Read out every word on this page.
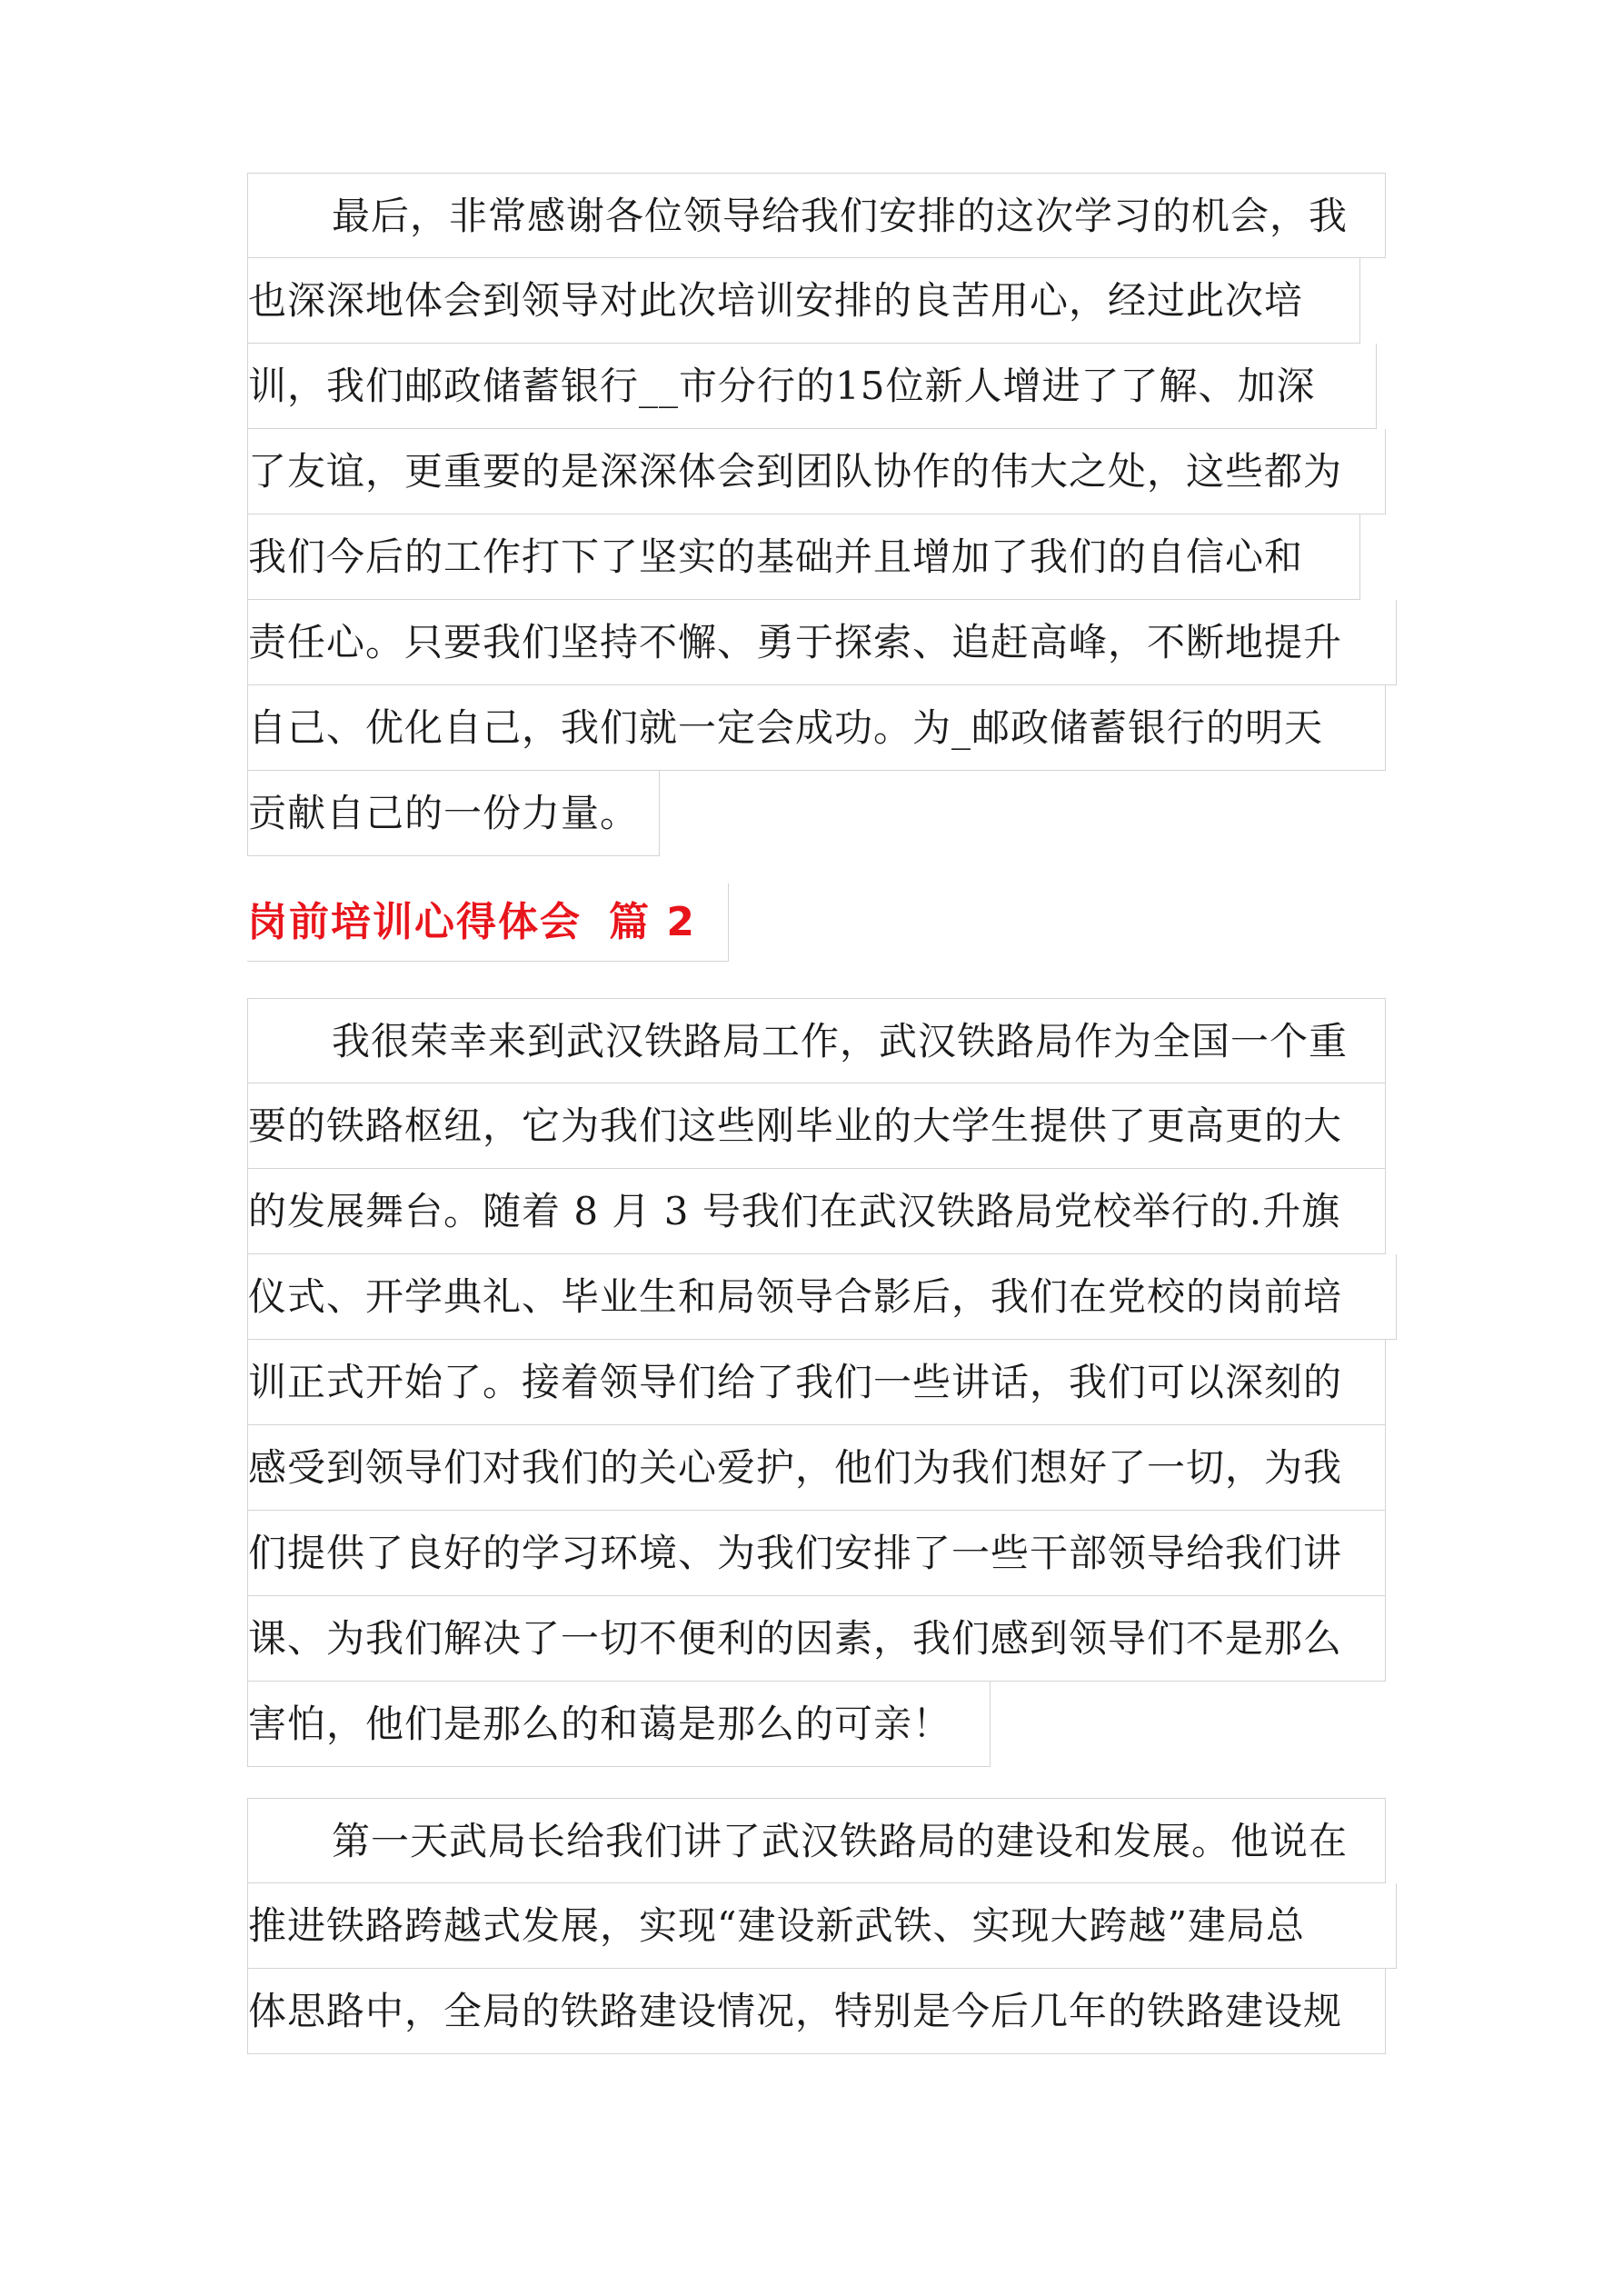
最后，非常感谢各位领导给我们安排的这次学习的机会，我
也深深地体会到领导对此次培训安排的良苦用心，经过此次培
训，我们邮政储蓄银行__市分行的15位新人增进了了解、加深
了友谊，更重要的是深深体会到团队协作的伟大之处，这些都为
我们今后的工作打下了坚实的基础并且增加了我们的自信心和
责任心。只要我们坚持不懈、勇于探索、追赶高峰，不断地提升
自己、优化自己，我们就一定会成功。为_邮政储蓄银行的明天
贡献自己的一份力量。
岗前培训心得体会 篇 2
我很荣幸来到武汉铁路局工作，武汉铁路局作为全国一个重
要的铁路枢纽，它为我们这些刚毕业的大学生提供了更高更的大
的发展舞台。随着 8 月 3 号我们在武汉铁路局党校举行的.升旗
仪式、开学典礼、毕业生和局领导合影后，我们在党校的岗前培
训正式开始了。接着领导们给了我们一些讲话，我们可以深刻的
感受到领导们对我们的关心爱护，他们为我们想好了一切，为我
们提供了良好的学习环境、为我们安排了一些干部领导给我们讲
课、为我们解决了一切不便利的因素，我们感到领导们不是那么
害怕，他们是那么的和蔼是那么的可亲！
第一天武局长给我们讲了武汉铁路局的建设和发展。他说在
推进铁路跨越式发展，实现“建设新武铁、实现大跨越”建局总
体思路中，全局的铁路建设情况，特别是今后几年的铁路建设规
